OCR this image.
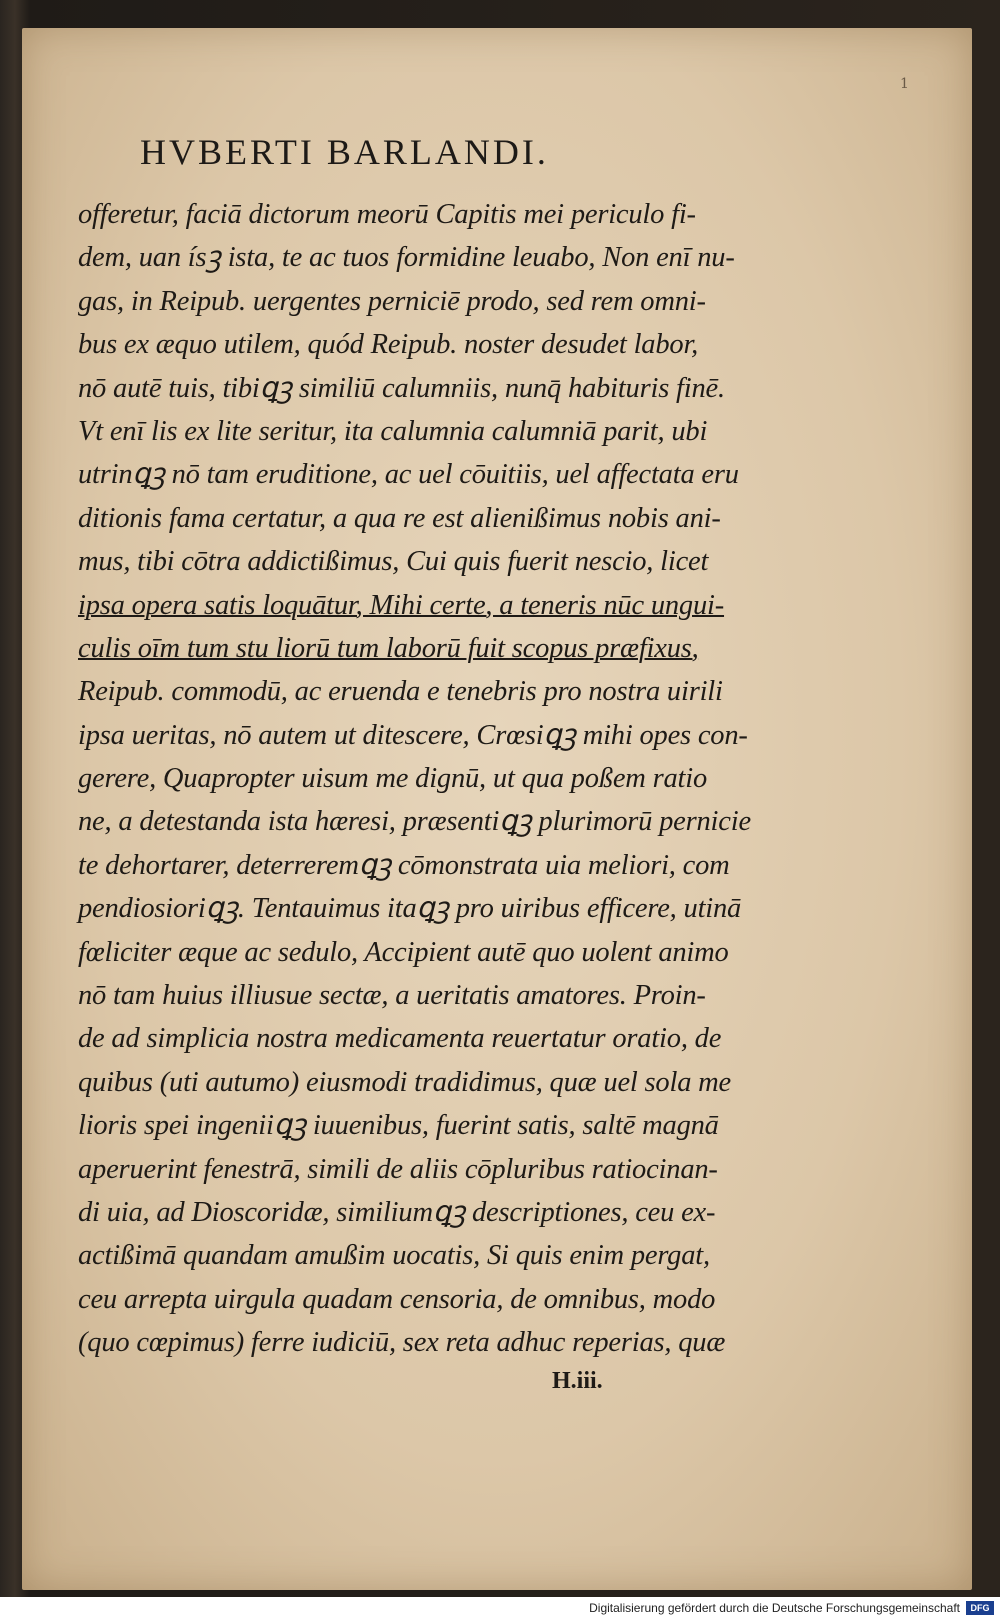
1
HVBERTI BARLANDI.
offeretur, faciā dictorum meorū Capitis mei periculo fi-
dem, uan ísꝫ ista, te ac tuos formidine leuabo, Non enī nu-
gas, in Reipub. uergentes perniciē prodo, sed rem omni-
bus ex æquo utilem, quód Reipub. noster desudet labor,
nō autē tuis, tibiꝗꝫ similiū calumniis, nunq̄ habituris finē.
Vt enī lis ex lite seritur, ita calumnia calumniā parit, ubi
utrinꝗꝫ nō tam eruditione, ac uel cōuitiis, uel affectata eru
ditionis fama certatur, a qua re est alienißimus nobis ani-
mus, tibi cōtra addictißimus, Cui quis fuerit nescio, licet
ipsa opera satis loquātur, Mihi certe, a teneris nūc ungui-
culis oīm tum stu liorū tum laborū fuit scopus præfixus,
Reipub. commodū, ac eruenda e tenebris pro nostra uirili
ipsa ueritas, nō autem ut ditescere, Crœsiꝗꝫ mihi opes con-
gerere, Quapropter uisum me dignū, ut qua poßem ratio
ne, a detestanda ista hæresi, præsentiꝗꝫ plurimorū pernicie
te dehortarer, deterreremꝗꝫ cōmonstrata uia meliori, com
pendiosioriꝗꝫ. Tentauimus itaꝗꝫ pro uiribus efficere, utinā
fœliciter æque ac sedulo, Accipient autē quo uolent animo
nō tam huius illiusue sectæ, a ueritatis amatores. Proin-
de ad simplicia nostra medicamenta reuertatur oratio, de
quibus (uti autumo) eiusmodi tradidimus, quæ uel sola me
lioris spei ingeniiꝗꝫ iuuenibus, fuerint satis, saltē magnā
aperuerint fenestrā, simili de aliis cōpluribus ratiocinan-
di uia, ad Dioscoridæ, similiumꝗꝫ descriptiones, ceu ex-
actißimā quandam amußim uocatis, Si quis enim pergat,
ceu arrepta uirgula quadam censoria, de omnibus, modo
(quo cœpimus) ferre iudiciū, sex reta adhuc reperias, quæ
H.iii.
Digitalisierung gefördert durch die Deutsche Forschungsgemeinschaft	DFG
